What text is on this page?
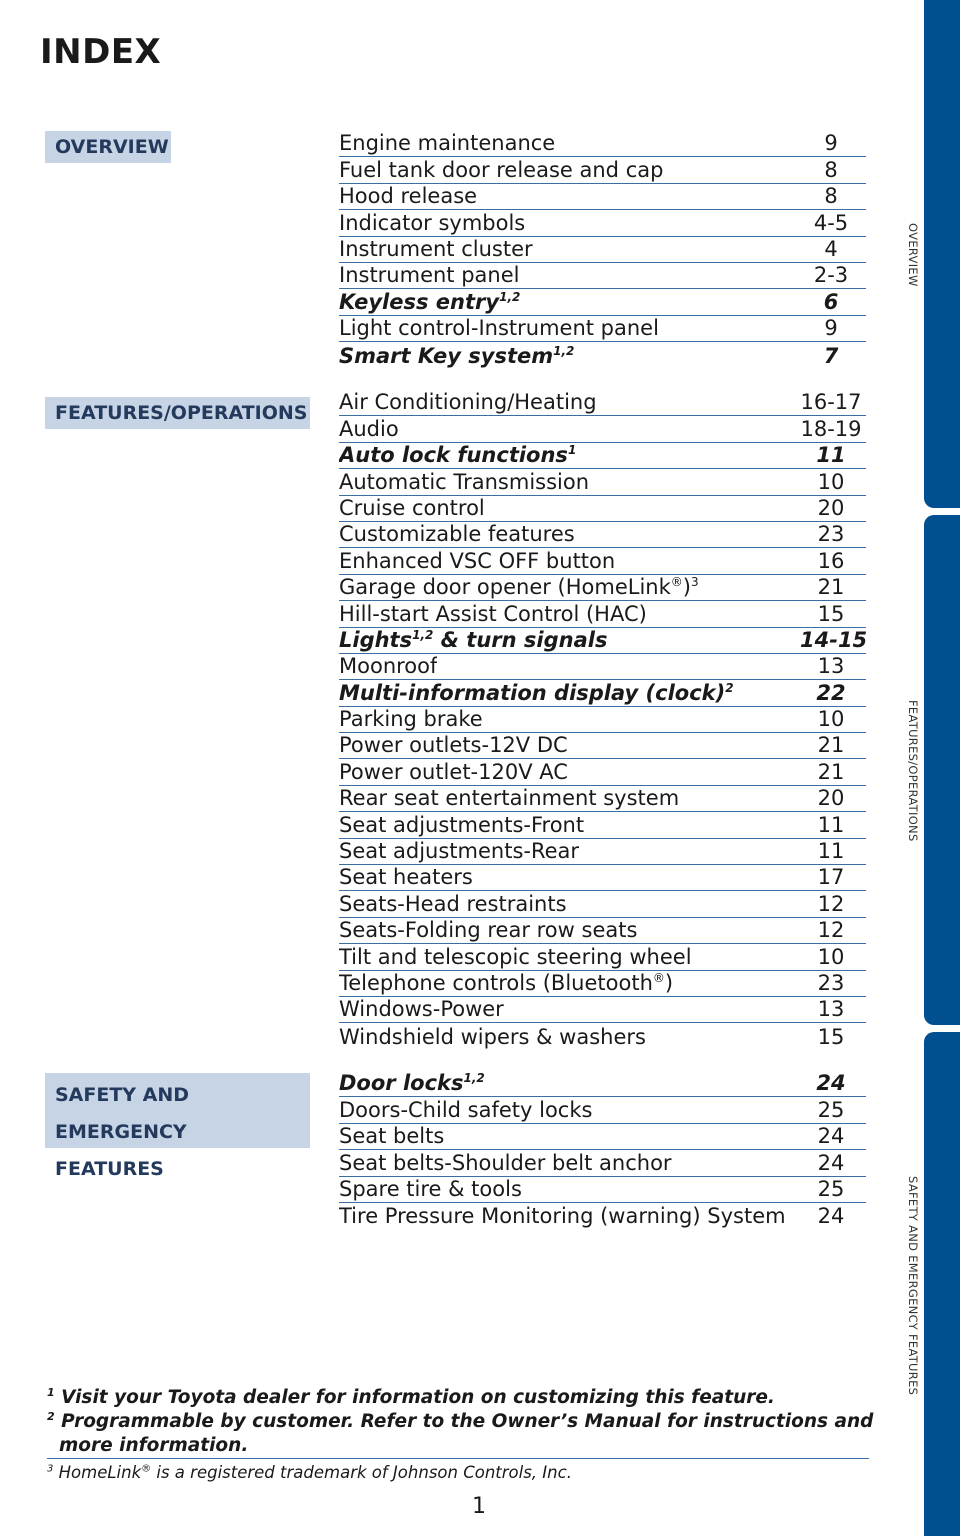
INDEX
OVERVIEW
FEATURES/OPERATIONS
SAFETY AND
EMERGENCY FEATURES
Engine maintenance	9
Fuel tank door release and cap	8
Hood release	8
Indicator symbols	4-5
Instrument cluster	4
Instrument panel	2-3
Keyless entry$^{1,2}$	6
Light control-Instrument panel	9
Smart Key system$^{1,2}$	7
Air Conditioning/Heating	16-17
Audio	18-19
Auto lock functions$^1$	11
Automatic Transmission	10
Cruise control	20
Customizable features	23
Enhanced VSC OFF button	16
Garage door opener (HomeLink®)$^3$	21
Hill-start Assist Control (HAC)	15
Lights$^{1,2}$ & turn signals	14-15
Moonroof	13
Multi-information display (clock)$^2$	22
Parking brake	10
Power outlets-12V DC	21
Power outlet-120V AC	21
Rear seat entertainment system	20
Seat adjustments-Front	11
Seat adjustments-Rear	11
Seat heaters	17
Seats-Head restraints	12
Seats-Folding rear row seats	12
Tilt and telescopic steering wheel	10
Telephone controls (Bluetooth®)	23
Windows-Power	13
Windshield wipers & washers	15
Door locks$^{1,2}$	24
Doors-Child safety locks	25
Seat belts	24
Seat belts-Shoulder belt anchor	24
Spare tire & tools	25
Tire Pressure Monitoring (warning) System	24
OVERVIEW
FEATURES/OPERATIONS
SAFETY AND EMERGENCY FEATURES
$^1$ Visit your Toyota dealer for information on customizing this feature.
$^2$ Programmable by customer. Refer to the Owner’s Manual for instructions and
more information.
$^3$ HomeLink® is a registered trademark of Johnson Controls, Inc.
1
